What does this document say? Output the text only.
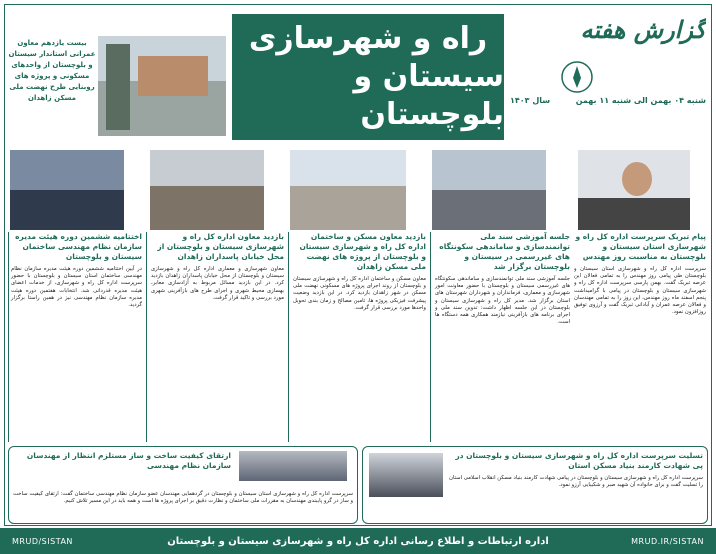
گزارش هفته
شنبه ۰۴ بهمن الی شنبه ۱۱ بهمن
سال ۱۴۰۳
راه و شهرسازی
سیستان و بلوچستان
بیست یازدهم معاون عمرانی استاندار سیستان و بلوچستان از واحدهای مسکونی و پروژه های روبنایی طرح نهضت ملی مسکن زاهدان
پیام تبریک سرپرست اداره کل راه و شهرسازی استان سیستان و بلوچستان به مناسبت روز مهندس
سرپرست اداره کل راه و شهرسازی استان سیستان و بلوچستان طی پیامی روز مهندس را به تمامی فعالان این عرصه تبریک گفت. بهمن پارسی سرپرست اداره کل راه و شهرسازی سیستان و بلوچستان در پیامی با گرامیداشت پنجم اسفند ماه روز مهندس، این روز را به تمامی مهندسان و فعالان عرصه عمران و آبادانی تبریک گفت و آرزوی توفیق روزافزون نمود.
جلسه آموزشی سند ملی توانمندسازی و ساماندهی سکونتگاه های غیررسمی در سیستان و بلوچستان برگزار شد
جلسه آموزشی سند ملی توانمندسازی و ساماندهی سکونتگاه های غیررسمی سیستان و بلوچستان با حضور معاونت امور شهرسازی و معماری، فرمانداران و شهرداران شهرستان های استان برگزار شد. مدیر کل راه و شهرسازی سیستان و بلوچستان در این جلسه اظهار داشت: تدوین سند ملی و اجرای برنامه های بازآفرینی نیازمند همکاری همه دستگاه ها است.
بازدید معاون مسکن و ساختمان اداره کل راه و شهرسازی سیستان و بلوچستان از پروژه های نهضت ملی مسکن زاهدان
معاون مسکن و ساختمان اداره کل راه و شهرسازی سیستان و بلوچستان از روند اجرای پروژه های مسکونی نهضت ملی مسکن در شهر زاهدان بازدید کرد. در این بازدید وضعیت پیشرفت فیزیکی پروژه ها، تامین مصالح و زمان بندی تحویل واحدها مورد بررسی قرار گرفت.
بازدید معاون اداره کل راه و شهرسازی سیستان و بلوچستان از محل خیابان پاسداران زاهدان
معاون شهرسازی و معماری اداره کل راه و شهرسازی سیستان و بلوچستان از محل خیابان پاسداران زاهدان بازدید کرد. در این بازدید مسائل مربوط به آزادسازی معابر، بهسازی محیط شهری و اجرای طرح های بازآفرینی شهری مورد بررسی و تاکید قرار گرفت.
اختتامیه ششمین دوره هیئت مدیره سازمان نظام مهندسی ساختمان سیستان و بلوچستان
در آیین اختتامیه ششمین دوره هیئت مدیره سازمان نظام مهندسی ساختمان استان سیستان و بلوچستان با حضور سرپرست اداره کل راه و شهرسازی، از خدمات اعضای هیئت مدیره قدردانی شد. انتخابات هفتمین دوره هیئت مدیره سازمان نظام مهندسی نیز در همین راستا برگزار گردید.
ارتقای کیفیت ساخت و ساز مستلزم انتظار از مهندسان سازمان نظام مهندسی
سرپرست اداره کل راه و شهرسازی استان سیستان و بلوچستان در گردهمایی مهندسان عضو سازمان نظام مهندسی ساختمان گفت: ارتقای کیفیت ساخت و ساز در گرو پایبندی مهندسان به مقررات ملی ساختمان و نظارت دقیق بر اجرای پروژه ها است و همه باید در این مسیر تلاش کنیم.
تسلیت سرپرست اداره کل راه و شهرسازی سیستان و بلوچستان در پی شهادت کارمند بنیاد مسکن استان
سرپرست اداره کل راه و شهرسازی سیستان و بلوچستان در پیامی شهادت کارمند بنیاد مسکن انقلاب اسلامی استان را تسلیت گفت و برای خانواده آن شهید صبر و شکیبایی آرزو نمود.
اداره ارتباطات و اطلاع رسانی اداره کل راه و شهرسازی سیستان و بلوچستان
MRUD/SISTAN	MRUD.IR/SISTAN
